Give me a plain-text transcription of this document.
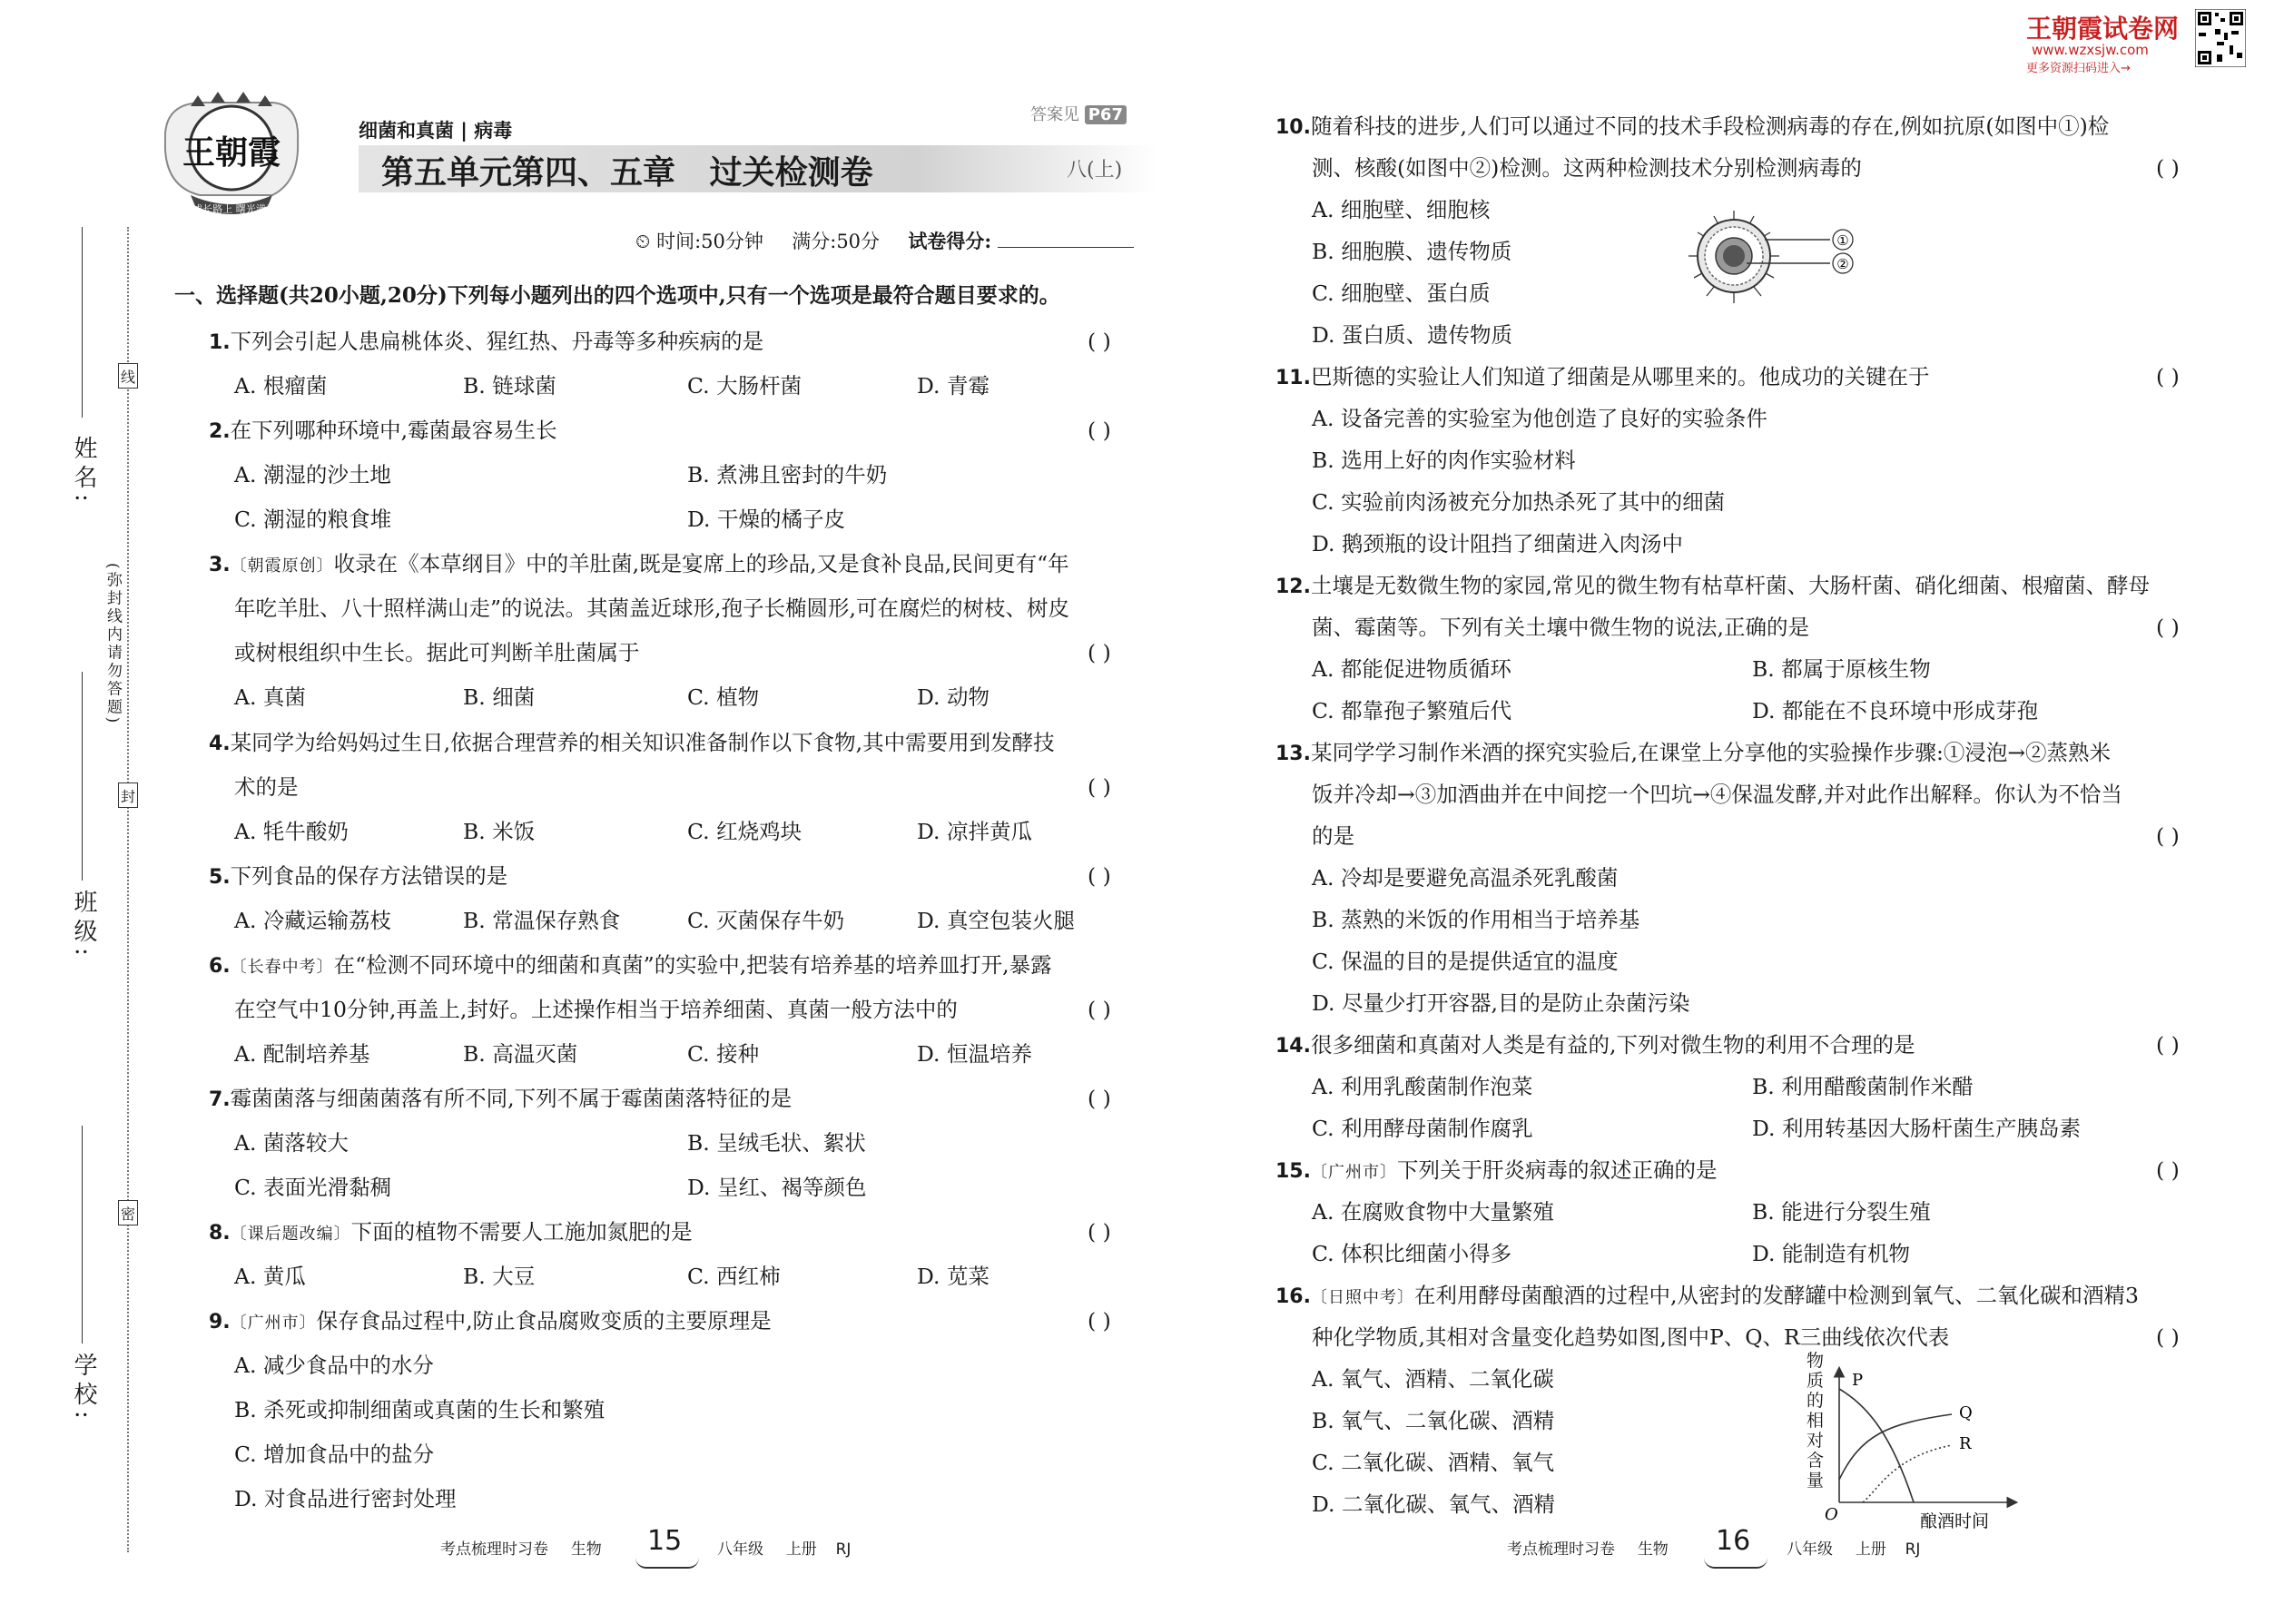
姓名:
班级:
学校:
(弥封线内请勿答题)
线
封
密
王朝霞
成长路上 曙光满天
细菌和真菌 | 病毒
答案见 P67
第五单元第四、五章   过关检测卷	八(上)
⏲ 时间:50分钟 满分:50分 试卷得分:
一、选择题(共20小题,20分)下列每小题列出的四个选项中,只有一个选项是最符合题目要求的。
王朝霞试卷网
www.wzxsjw.com
更多资源扫码进入→
1.下列会引起人患扁桃体炎、猩红热、丹毒等多种疾病的是	( )
A. 根瘤菌	B. 链球菌	C. 大肠杆菌	D. 青霉
2.在下列哪种环境中,霉菌最容易生长	( )
A. 潮湿的沙土地	B. 煮沸且密封的牛奶
C. 潮湿的粮食堆	D. 干燥的橘子皮
3.〔朝霞原创〕收录在《本草纲目》中的羊肚菌,既是宴席上的珍品,又是食补良品,民间更有“年
年吃羊肚、八十照样满山走”的说法。其菌盖近球形,孢子长椭圆形,可在腐烂的树枝、树皮
或树根组织中生长。据此可判断羊肚菌属于	( )
A. 真菌	B. 细菌	C. 植物	D. 动物
4.某同学为给妈妈过生日,依据合理营养的相关知识准备制作以下食物,其中需要用到发酵技
术的是	( )
A. 牦牛酸奶	B. 米饭	C. 红烧鸡块	D. 凉拌黄瓜
5.下列食品的保存方法错误的是	( )
A. 冷藏运输荔枝	B. 常温保存熟食	C. 灭菌保存牛奶	D. 真空包装火腿
6.〔长春中考〕在“检测不同环境中的细菌和真菌”的实验中,把装有培养基的培养皿打开,暴露
在空气中10分钟,再盖上,封好。上述操作相当于培养细菌、真菌一般方法中的	( )
A. 配制培养基	B. 高温灭菌	C. 接种	D. 恒温培养
7.霉菌菌落与细菌菌落有所不同,下列不属于霉菌菌落特征的是	( )
A. 菌落较大	B. 呈绒毛状、絮状
C. 表面光滑黏稠	D. 呈红、褐等颜色
8.〔课后题改编〕下面的植物不需要人工施加氮肥的是	( )
A. 黄瓜	B. 大豆	C. 西红柿	D. 苋菜
9.〔广州市〕保存食品过程中,防止食品腐败变质的主要原理是	( )
A. 减少食品中的水分
B. 杀死或抑制细菌或真菌的生长和繁殖
C. 增加食品中的盐分
D. 对食品进行密封处理
考点梳理时习卷 生物 15 八年级 上册 RJ
10.随着科技的进步,人们可以通过不同的技术手段检测病毒的存在,例如抗原(如图中①)检
测、核酸(如图中②)检测。这两种检测技术分别检测病毒的	( )
A. 细胞壁、细胞核
B. 细胞膜、遗传物质
C. 细胞壁、蛋白质
D. 蛋白质、遗传物质
①
②
11.巴斯德的实验让人们知道了细菌是从哪里来的。他成功的关键在于	( )
A. 设备完善的实验室为他创造了良好的实验条件
B. 选用上好的肉作实验材料
C. 实验前肉汤被充分加热杀死了其中的细菌
D. 鹅颈瓶的设计阻挡了细菌进入肉汤中
12.土壤是无数微生物的家园,常见的微生物有枯草杆菌、大肠杆菌、硝化细菌、根瘤菌、酵母
菌、霉菌等。下列有关土壤中微生物的说法,正确的是	( )
A. 都能促进物质循环	B. 都属于原核生物
C. 都靠孢子繁殖后代	D. 都能在不良环境中形成芽孢
13.某同学学习制作米酒的探究实验后,在课堂上分享他的实验操作步骤:①浸泡→②蒸熟米
饭并冷却→③加酒曲并在中间挖一个凹坑→④保温发酵,并对此作出解释。你认为不恰当
的是	( )
A. 冷却是要避免高温杀死乳酸菌
B. 蒸熟的米饭的作用相当于培养基
C. 保温的目的是提供适宜的温度
D. 尽量少打开容器,目的是防止杂菌污染
14.很多细菌和真菌对人类是有益的,下列对微生物的利用不合理的是	( )
A. 利用乳酸菌制作泡菜	B. 利用醋酸菌制作米醋
C. 利用酵母菌制作腐乳	D. 利用转基因大肠杆菌生产胰岛素
15.〔广州市〕下列关于肝炎病毒的叙述正确的是	( )
A. 在腐败食物中大量繁殖	B. 能进行分裂生殖
C. 体积比细菌小得多	D. 能制造有机物
16.〔日照中考〕在利用酵母菌酿酒的过程中,从密封的发酵罐中检测到氧气、二氧化碳和酒精3
种化学物质,其相对含量变化趋势如图,图中P、Q、R三曲线依次代表	( )
A. 氧气、酒精、二氧化碳
B. 氧气、二氧化碳、酒精
C. 二氧化碳、酒精、氧气
D. 二氧化碳、氧气、酒精
P
Q
R
O	酿酒时间
物质的相对含量
考点梳理时习卷 生物 16 八年级 上册 RJ
